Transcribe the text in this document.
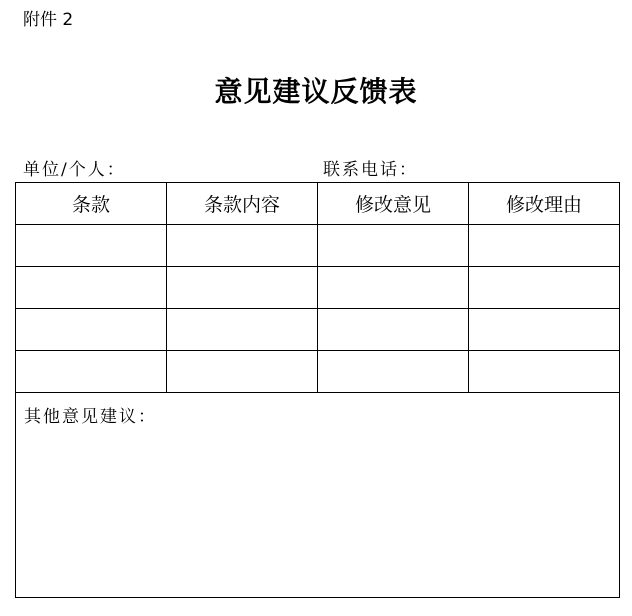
附件 2
意见建议反馈表
单位/个人：	联系电话：
条款	条款内容	修改意见	修改理由

其他意见建议：			
